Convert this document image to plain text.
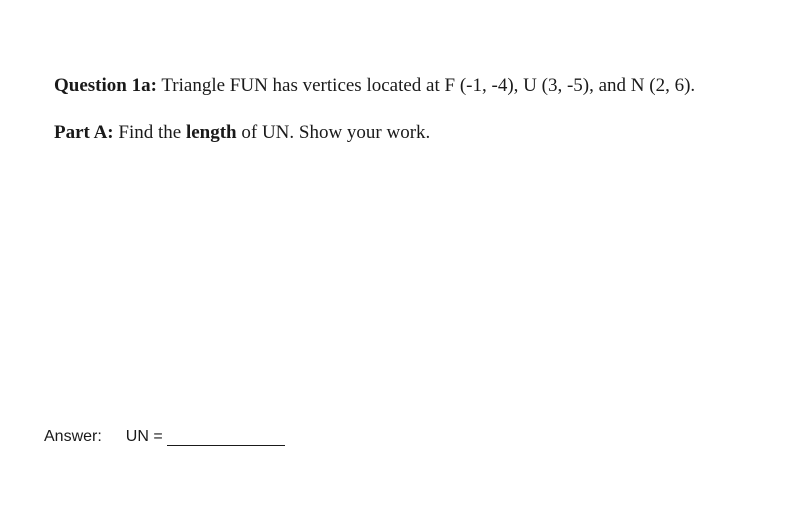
Question 1a: Triangle FUN has vertices located at F (-1, -4), U (3, -5), and N (2, 6).
Part A: Find the length of UN. Show your work.
Answer: UN =
